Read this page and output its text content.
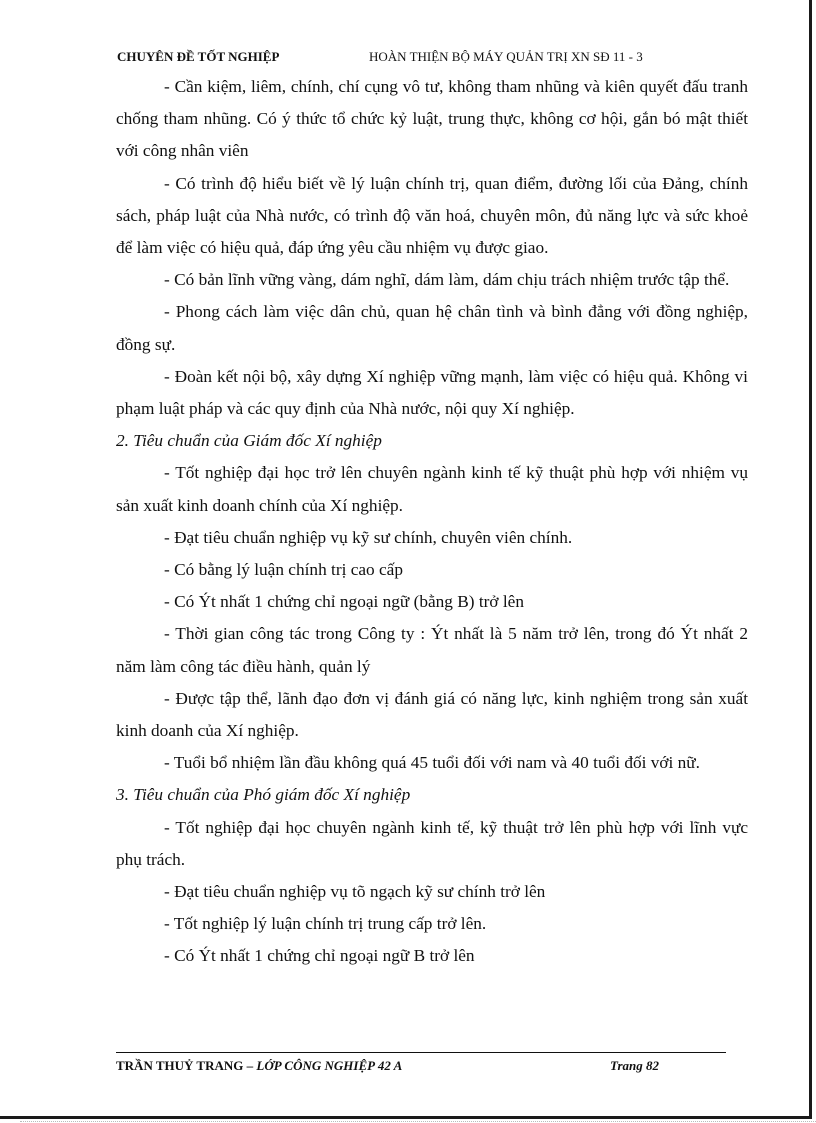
CHUYÊN ĐỀ TỐT NGHIỆP	HOÀN THIỆN BỘ MÁY QUẢN TRỊ XN SĐ 11 - 3

- Cần kiệm, liêm, chính, chí cụng vô tư, không tham nhũng và kiên quyết đấu tranh chống tham nhũng. Có ý thức tổ chức kỷ luật, trung thực, không cơ hội, gắn bó mật thiết với công nhân viên

- Có trình độ hiểu biết về lý luận chính trị, quan điểm, đường lối của Đảng, chính sách, pháp luật của Nhà nước, có trình độ văn hoá, chuyên môn, đủ năng lực và sức khoẻ để làm việc có hiệu quả, đáp ứng yêu cầu nhiệm vụ được giao.

- Có bản lĩnh vững vàng, dám nghĩ, dám làm, dám chịu trách nhiệm trước tập thể.

- Phong cách làm việc dân chủ, quan hệ chân tình và bình đẳng với đồng nghiệp, đồng sự.

- Đoàn kết nội bộ, xây dựng Xí nghiệp vững mạnh, làm việc có hiệu quả. Không vi phạm luật pháp và các quy định của Nhà nước, nội quy Xí nghiệp.

2. Tiêu chuẩn của Giám đốc Xí nghiệp

- Tốt nghiệp đại học trở lên chuyên ngành kinh tế kỹ thuật phù hợp với nhiệm vụ sản xuất kinh doanh chính của Xí nghiệp.

- Đạt tiêu chuẩn nghiệp vụ kỹ sư chính, chuyên viên chính.

- Có bằng lý luận chính trị cao cấp

- Có Ýt nhất 1 chứng chỉ ngoại ngữ (bằng B) trở lên

- Thời gian công tác trong Công ty : Ýt nhất là 5 năm trở lên, trong đó Ýt nhất 2 năm làm công tác điều hành, quản lý

- Được tập thể, lãnh đạo đơn vị đánh giá có năng lực, kinh nghiệm trong sản xuất kinh doanh của Xí nghiệp.

- Tuổi bổ nhiệm lần đầu không quá 45 tuổi đối với nam và 40 tuổi đối với nữ.

3. Tiêu chuẩn của Phó giám đốc Xí nghiệp

- Tốt nghiệp đại học chuyên ngành kinh tế, kỹ thuật trở lên phù hợp với lĩnh vực phụ trách.

- Đạt tiêu chuẩn nghiệp vụ tõ ngạch kỹ sư chính trở lên

- Tốt nghiệp lý luận chính trị trung cấp trở lên.

- Có Ýt nhất 1 chứng chỉ ngoại ngữ B trở lên

TRẦN THUỶ TRANG – LỚP CÔNG NGHIỆP 42 A	Trang 82
